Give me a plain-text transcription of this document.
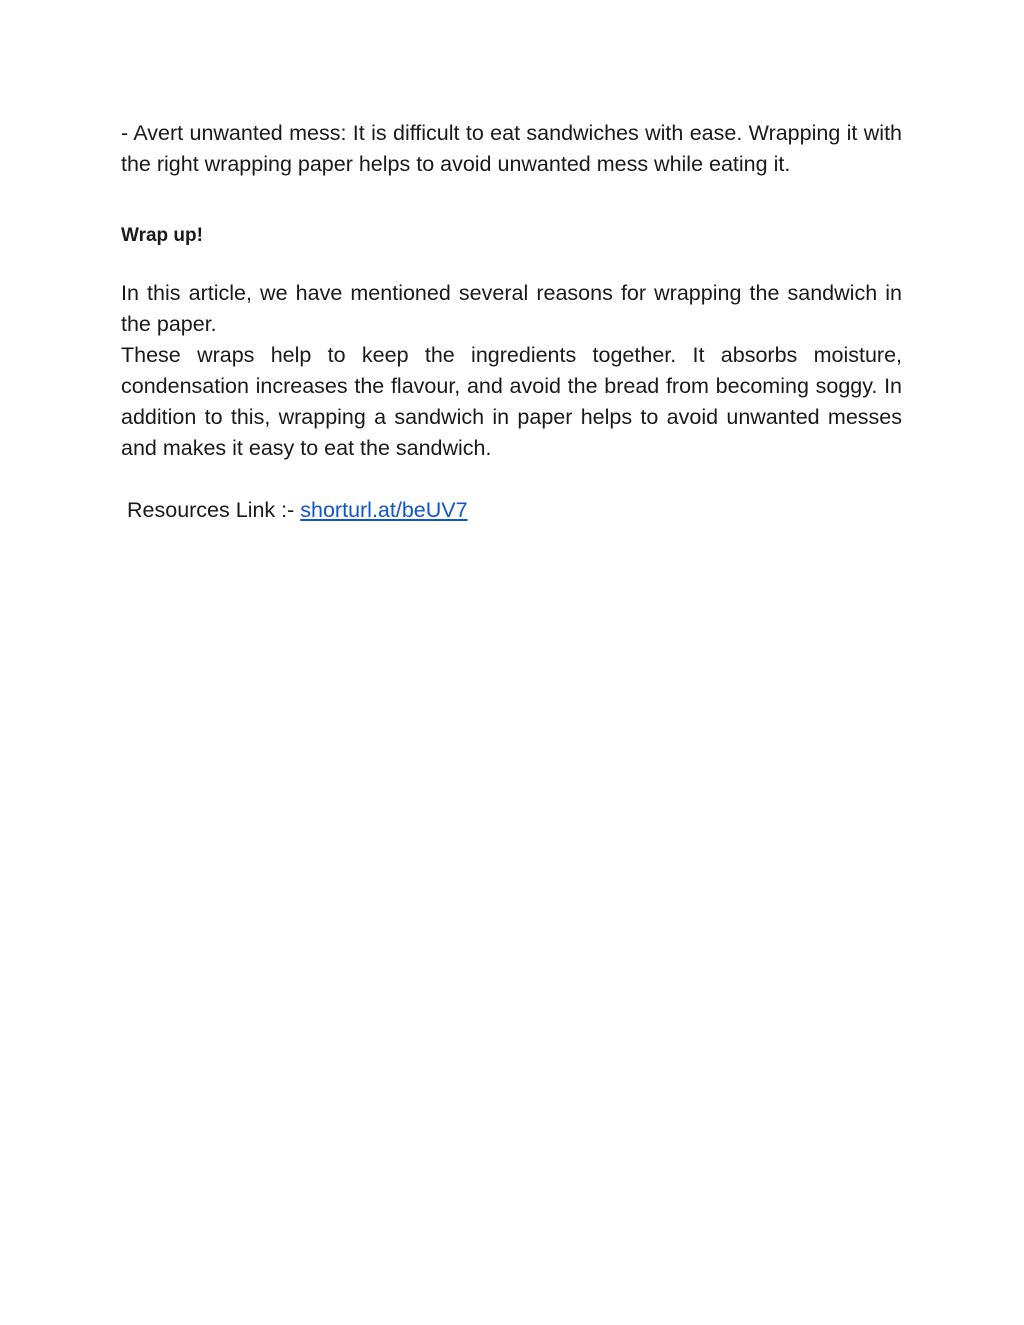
- Avert unwanted mess: It is difficult to eat sandwiches with ease. Wrapping it with the right wrapping paper helps to avoid unwanted mess while eating it.

Wrap up!

In this article, we have mentioned several reasons for wrapping the sandwich in the paper.

These wraps help to keep the ingredients together. It absorbs moisture, condensation increases the flavour, and avoid the bread from becoming soggy. In addition to this, wrapping a sandwich in paper helps to avoid unwanted messes and makes it easy to eat the sandwich.

Resources Link :- shorturl.at/beUV7
